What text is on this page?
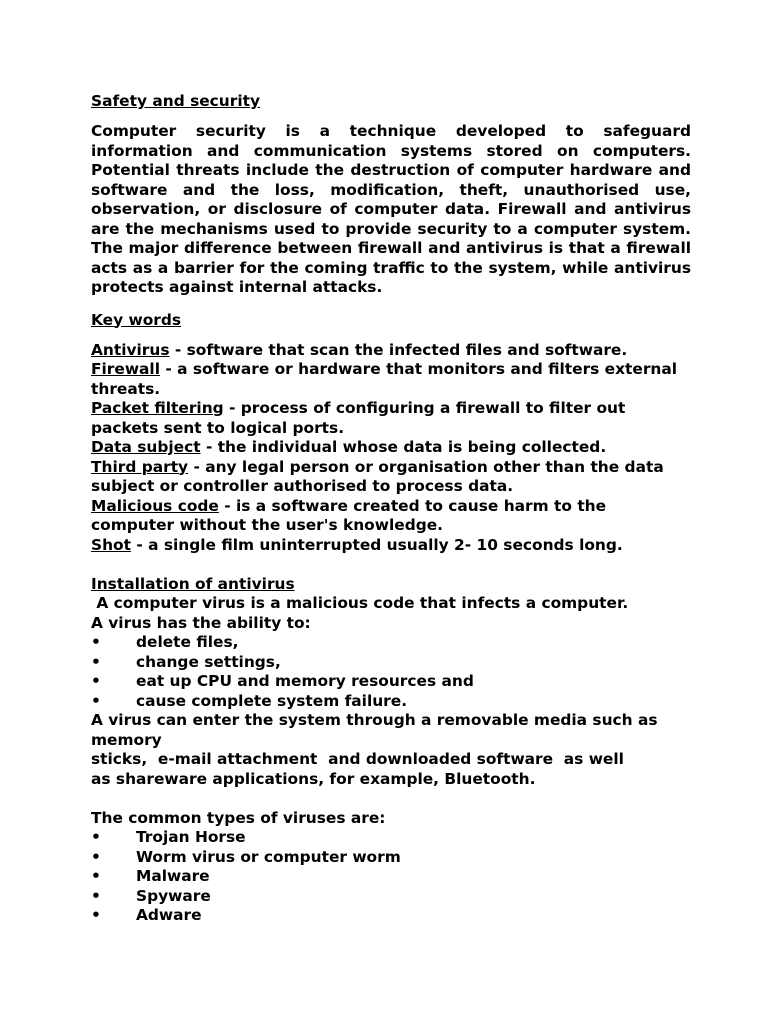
Safety and security
Computer security is a technique developed to safeguard information and communication systems stored on computers. Potential threats include the destruction of computer hardware and software and the loss, modification, theft, unauthorised use, observation, or disclosure of computer data. Firewall and antivirus are the mechanisms used to provide security to a computer system. The major difference between firewall and antivirus is that a firewall acts as a barrier for the coming traffic to the system, while antivirus protects against internal attacks.
Key words
Antivirus - software that scan the infected files and software.
Firewall - a software or hardware that monitors and filters external threats.
Packet filtering - process of configuring a firewall to filter out packets sent to logical ports.
Data subject - the individual whose data is being collected.
Third party - any legal person or organisation other than the data subject or controller authorised to process data.
Malicious code - is a software created to cause harm to the computer without the user's knowledge.
Shot - a single film uninterrupted usually 2- 10 seconds long.
Installation of antivirus
A computer virus is a malicious code that infects a computer.
A virus has the ability to:
•	delete files,
•	change settings,
•	eat up CPU and memory resources and
•	cause complete system failure.
A virus can enter the system through a removable media such as memory
sticks,  e-mail attachment  and downloaded software  as well  as shareware applications, for example, Bluetooth.
The common types of viruses are:
•	Trojan Horse
•	Worm virus or computer worm
•	Malware
•	Spyware
•	Adware
